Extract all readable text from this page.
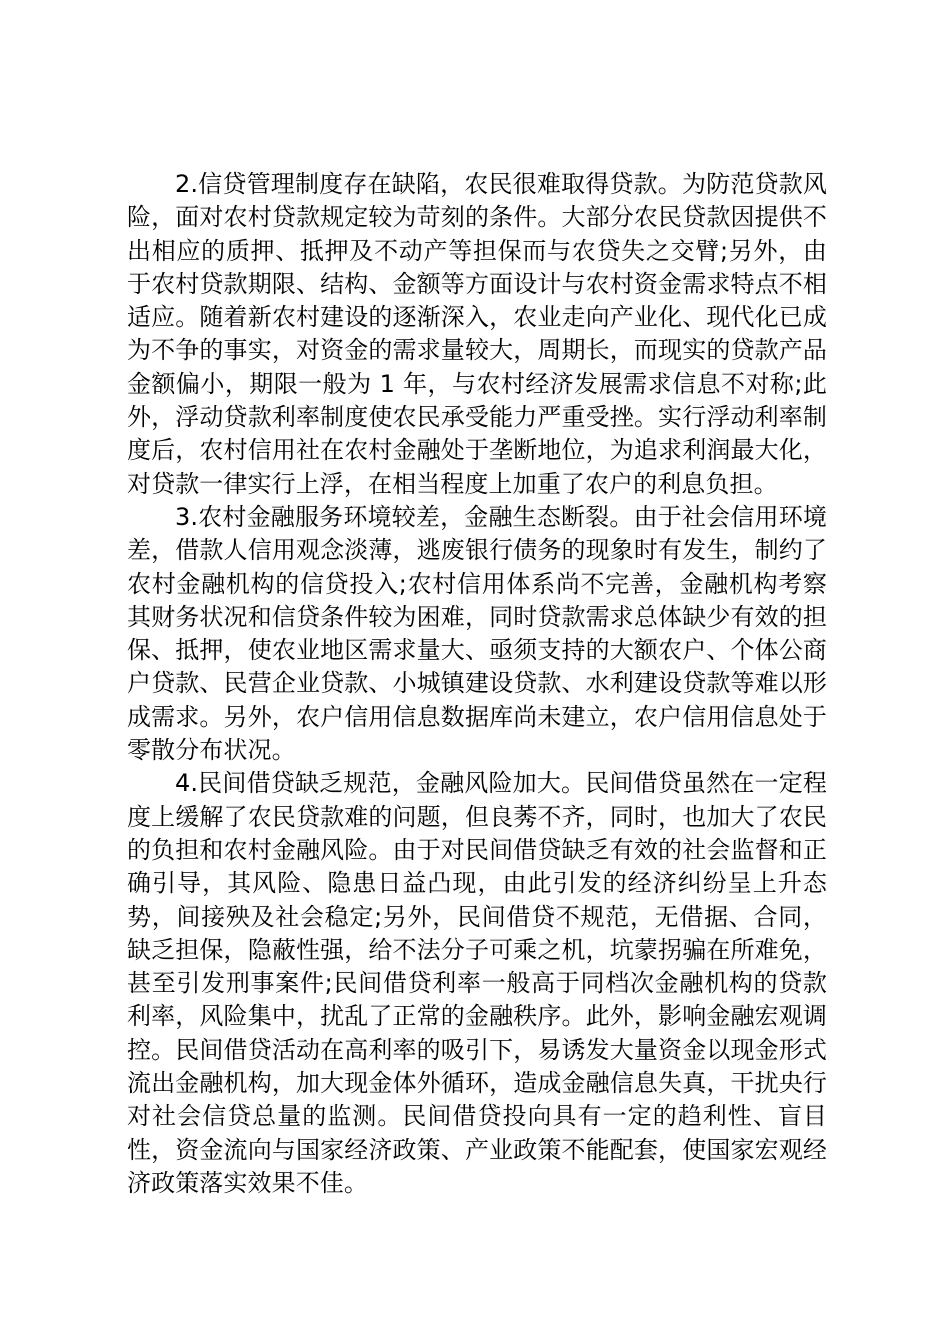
2.信贷管理制度存在缺陷，农民很难取得贷款。为防范贷款风险，面对农村贷款规定较为苛刻的条件。大部分农民贷款因提供不出相应的质押、抵押及不动产等担保而与农贷失之交臂;另外，由于农村贷款期限、结构、金额等方面设计与农村资金需求特点不相适应。随着新农村建设的逐渐深入，农业走向产业化、现代化已成为不争的事实，对资金的需求量较大，周期长，而现实的贷款产品金额偏小，期限一般为 1 年，与农村经济发展需求信息不对称;此外，浮动贷款利率制度使农民承受能力严重受挫。实行浮动利率制度后，农村信用社在农村金融处于垄断地位，为追求利润最大化，对贷款一律实行上浮，在相当程度上加重了农户的利息负担。

3.农村金融服务环境较差，金融生态断裂。由于社会信用环境差，借款人信用观念淡薄，逃废银行债务的现象时有发生，制约了农村金融机构的信贷投入;农村信用体系尚不完善，金融机构考察其财务状况和信贷条件较为困难，同时贷款需求总体缺少有效的担保、抵押，使农业地区需求量大、亟须支持的大额农户、个体公商户贷款、民营企业贷款、小城镇建设贷款、水利建设贷款等难以形成需求。另外，农户信用信息数据库尚未建立，农户信用信息处于零散分布状况。

4.民间借贷缺乏规范，金融风险加大。民间借贷虽然在一定程度上缓解了农民贷款难的问题，但良莠不齐，同时，也加大了农民的负担和农村金融风险。由于对民间借贷缺乏有效的社会监督和正确引导，其风险、隐患日益凸现，由此引发的经济纠纷呈上升态势，间接殃及社会稳定;另外，民间借贷不规范，无借据、合同，缺乏担保，隐蔽性强，给不法分子可乘之机，坑蒙拐骗在所难免，甚至引发刑事案件;民间借贷利率一般高于同档次金融机构的贷款利率，风险集中，扰乱了正常的金融秩序。此外，影响金融宏观调控。民间借贷活动在高利率的吸引下，易诱发大量资金以现金形式流出金融机构，加大现金体外循环，造成金融信息失真，干扰央行对社会信贷总量的监测。民间借贷投向具有一定的趋利性、盲目性，资金流向与国家经济政策、产业政策不能配套，使国家宏观经济政策落实效果不佳。
